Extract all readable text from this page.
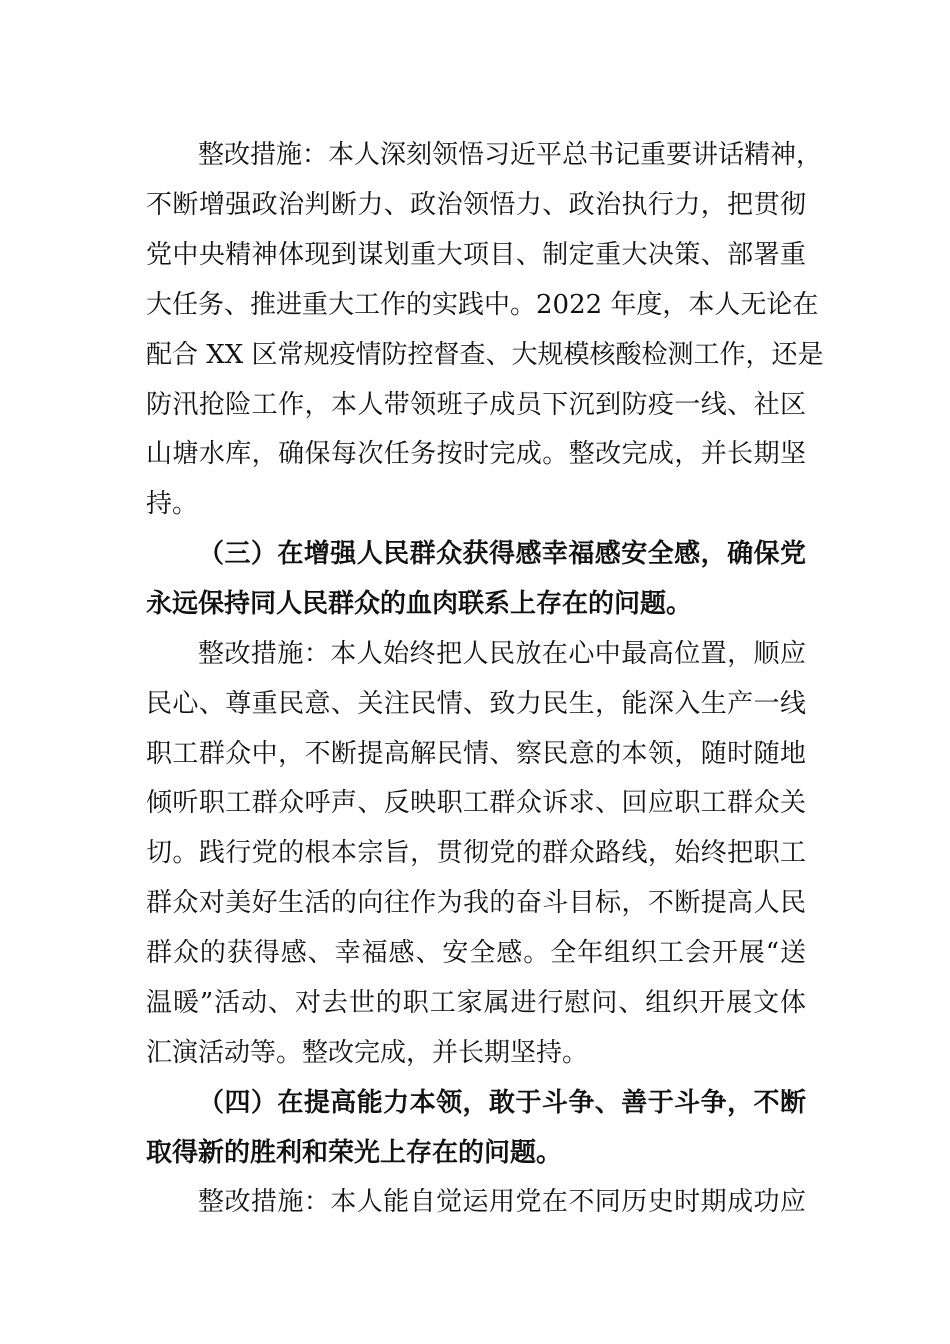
整改措施：本人深刻领悟习近平总书记重要讲话精神，
不断增强政治判断力、政治领悟力、政治执行力，把贯彻
党中央精神体现到谋划重大项目、制定重大决策、部署重
大任务、推进重大工作的实践中。2022 年度，本人无论在
配合 XX 区常规疫情防控督查、大规模核酸检测工作，还是
防汛抢险工作，本人带领班子成员下沉到防疫一线、社区
山塘水库，确保每次任务按时完成。整改完成，并长期坚
持。
（三）在增强人民群众获得感幸福感安全感，确保党
永远保持同人民群众的血肉联系上存在的问题。
整改措施：本人始终把人民放在心中最高位置，顺应
民心、尊重民意、关注民情、致力民生，能深入生产一线
职工群众中，不断提高解民情、察民意的本领，随时随地
倾听职工群众呼声、反映职工群众诉求、回应职工群众关
切。践行党的根本宗旨，贯彻党的群众路线，始终把职工
群众对美好生活的向往作为我的奋斗目标，不断提高人民
群众的获得感、幸福感、安全感。全年组织工会开展“送
温暖”活动、对去世的职工家属进行慰问、组织开展文体
汇演活动等。整改完成，并长期坚持。
（四）在提高能力本领，敢于斗争、善于斗争，不断
取得新的胜利和荣光上存在的问题。
整改措施：本人能自觉运用党在不同历史时期成功应
